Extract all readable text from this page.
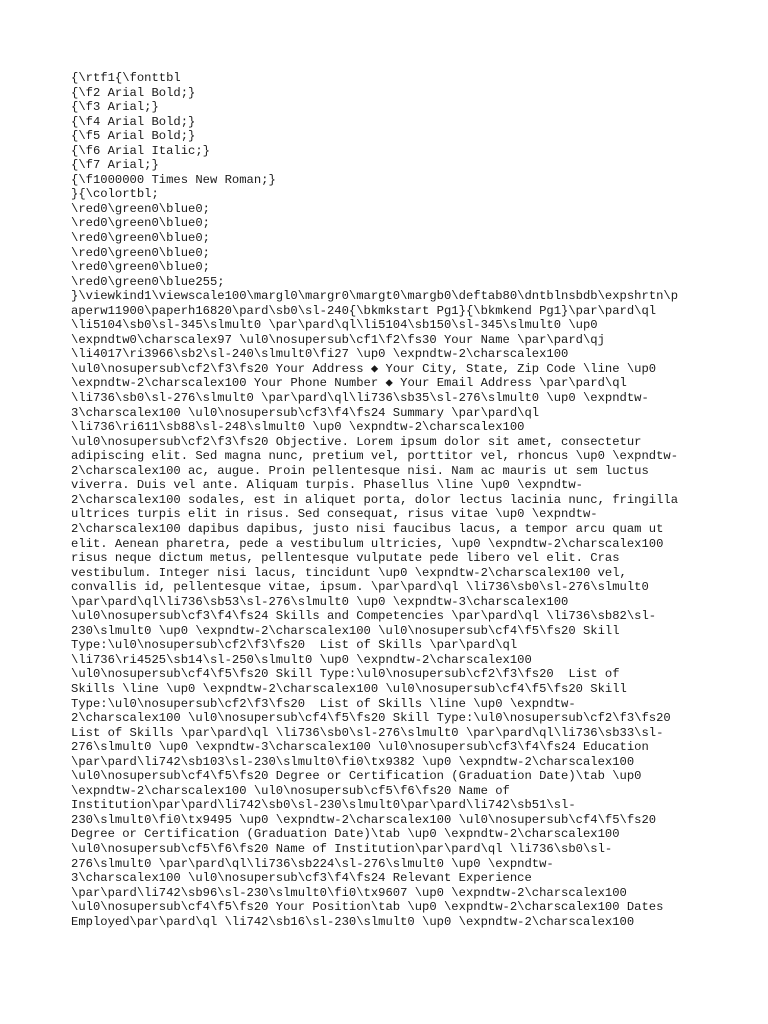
{\rtf1{\fonttbl
{\f2 Arial Bold;}
{\f3 Arial;}
{\f4 Arial Bold;}
{\f5 Arial Bold;}
{\f6 Arial Italic;}
{\f7 Arial;}
{\f1000000 Times New Roman;}
}{\colortbl;
\red0\green0\blue0;
\red0\green0\blue0;
\red0\green0\blue0;
\red0\green0\blue0;
\red0\green0\blue0;
\red0\green0\blue255;
}\viewkind1\viewscale100\margl0\margr0\margt0\margb0\deftab80\dntblnsbdb\expshrtn\p
aperw11900\paperh16820\pard\sb0\sl-240{\bkmkstart Pg1}{\bkmkend Pg1}\par\pard\ql
\li5104\sb0\sl-345\slmult0 \par\pard\ql\li5104\sb150\sl-345\slmult0 \up0
\expndtw0\charscalex97 \ul0\nosupersub\cf1\f2\fs30 Your Name \par\pard\qj
\li4017\ri3966\sb2\sl-240\slmult0\fi27 \up0 \expndtw-2\charscalex100
\ul0\nosupersub\cf2\f3\fs20 Your Address ◆ Your City, State, Zip Code \line \up0
\expndtw-2\charscalex100 Your Phone Number ◆ Your Email Address \par\pard\ql
\li736\sb0\sl-276\slmult0 \par\pard\ql\li736\sb35\sl-276\slmult0 \up0 \expndtw-
3\charscalex100 \ul0\nosupersub\cf3\f4\fs24 Summary \par\pard\ql
\li736\ri611\sb88\sl-248\slmult0 \up0 \expndtw-2\charscalex100
\ul0\nosupersub\cf2\f3\fs20 Objective. Lorem ipsum dolor sit amet, consectetur
adipiscing elit. Sed magna nunc, pretium vel, porttitor vel, rhoncus \up0 \expndtw-
2\charscalex100 ac, augue. Proin pellentesque nisi. Nam ac mauris ut sem luctus
viverra. Duis vel ante. Aliquam turpis. Phasellus \line \up0 \expndtw-
2\charscalex100 sodales, est in aliquet porta, dolor lectus lacinia nunc, fringilla
ultrices turpis elit in risus. Sed consequat, risus vitae \up0 \expndtw-
2\charscalex100 dapibus dapibus, justo nisi faucibus lacus, a tempor arcu quam ut
elit. Aenean pharetra, pede a vestibulum ultricies, \up0 \expndtw-2\charscalex100
risus neque dictum metus, pellentesque vulputate pede libero vel elit. Cras
vestibulum. Integer nisi lacus, tincidunt \up0 \expndtw-2\charscalex100 vel,
convallis id, pellentesque vitae, ipsum. \par\pard\ql \li736\sb0\sl-276\slmult0
\par\pard\ql\li736\sb53\sl-276\slmult0 \up0 \expndtw-3\charscalex100
\ul0\nosupersub\cf3\f4\fs24 Skills and Competencies \par\pard\ql \li736\sb82\sl-
230\slmult0 \up0 \expndtw-2\charscalex100 \ul0\nosupersub\cf4\f5\fs20 Skill
Type:\ul0\nosupersub\cf2\f3\fs20  List of Skills \par\pard\ql
\li736\ri4525\sb14\sl-250\slmult0 \up0 \expndtw-2\charscalex100
\ul0\nosupersub\cf4\f5\fs20 Skill Type:\ul0\nosupersub\cf2\f3\fs20  List of
Skills \line \up0 \expndtw-2\charscalex100 \ul0\nosupersub\cf4\f5\fs20 Skill
Type:\ul0\nosupersub\cf2\f3\fs20  List of Skills \line \up0 \expndtw-
2\charscalex100 \ul0\nosupersub\cf4\f5\fs20 Skill Type:\ul0\nosupersub\cf2\f3\fs20
List of Skills \par\pard\ql \li736\sb0\sl-276\slmult0 \par\pard\ql\li736\sb33\sl-
276\slmult0 \up0 \expndtw-3\charscalex100 \ul0\nosupersub\cf3\f4\fs24 Education
\par\pard\li742\sb103\sl-230\slmult0\fi0\tx9382 \up0 \expndtw-2\charscalex100
\ul0\nosupersub\cf4\f5\fs20 Degree or Certification (Graduation Date)\tab \up0
\expndtw-2\charscalex100 \ul0\nosupersub\cf5\f6\fs20 Name of
Institution\par\pard\li742\sb0\sl-230\slmult0\par\pard\li742\sb51\sl-
230\slmult0\fi0\tx9495 \up0 \expndtw-2\charscalex100 \ul0\nosupersub\cf4\f5\fs20
Degree or Certification (Graduation Date)\tab \up0 \expndtw-2\charscalex100
\ul0\nosupersub\cf5\f6\fs20 Name of Institution\par\pard\ql \li736\sb0\sl-
276\slmult0 \par\pard\ql\li736\sb224\sl-276\slmult0 \up0 \expndtw-
3\charscalex100 \ul0\nosupersub\cf3\f4\fs24 Relevant Experience
\par\pard\li742\sb96\sl-230\slmult0\fi0\tx9607 \up0 \expndtw-2\charscalex100
\ul0\nosupersub\cf4\f5\fs20 Your Position\tab \up0 \expndtw-2\charscalex100 Dates
Employed\par\pard\ql \li742\sb16\sl-230\slmult0 \up0 \expndtw-2\charscalex100
